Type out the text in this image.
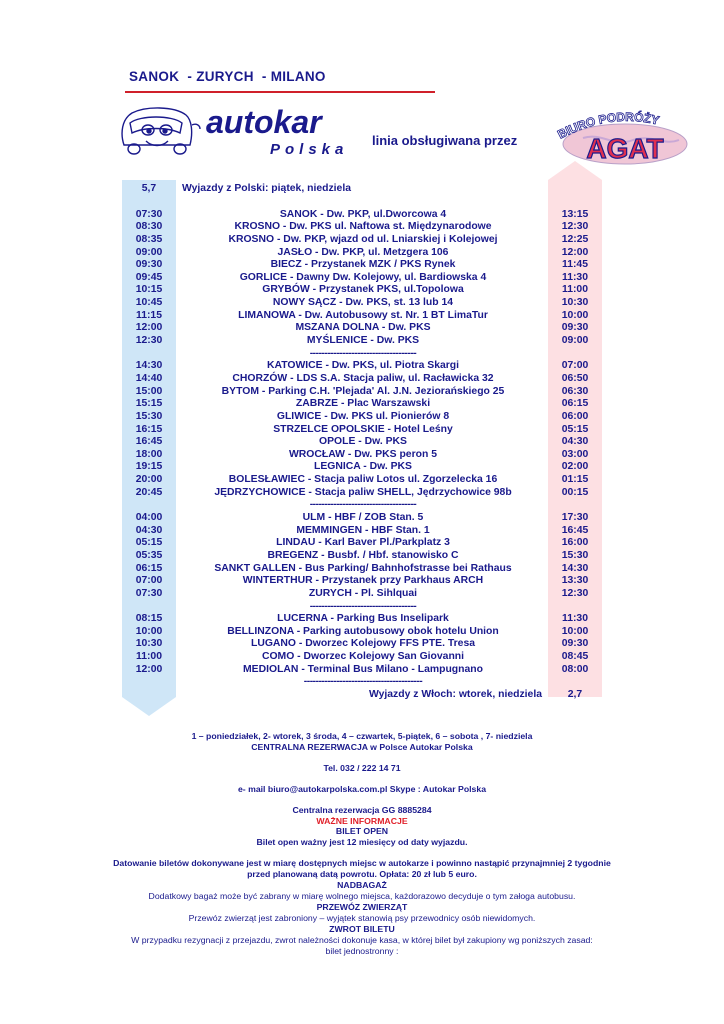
SANOK  - ZURYCH  - MILANO
autokar
Polska
linia obsługiwana przez	BIURO PODRÓŻY
AGAT
5,7	Wyjazdy z Polski: piątek, niedziela
07:30	SANOK - Dw. PKP, ul.Dworcowa 4	13:15
08:30	KROSNO - Dw. PKS ul. Naftowa st. Międzynarodowe	12:30
08:35	KROSNO - Dw. PKP, wjazd od ul. Lniarskiej i Kolejowej	12:25
09:00	JASŁO - Dw. PKP, ul. Metzgera 106	12:00
09:30	BIECZ - Przystanek MZK / PKS Rynek	11:45
09:45	GORLICE - Dawny Dw. Kolejowy, ul. Bardiowska 4	11:30
10:15	GRYBÓW - Przystanek PKS, ul.Topolowa	11:00
10:45	NOWY SĄCZ - Dw. PKS, st. 13 lub 14	10:30
11:15	LIMANOWA - Dw. Autobusowy st. Nr. 1 BT LimaTur	10:00
12:00	MSZANA DOLNA - Dw. PKS	09:30
12:30	MYŚLENICE - Dw. PKS	09:00
------------------------------------
14:30	KATOWICE - Dw. PKS, ul. Piotra Skargi	07:00
14:40	CHORZÓW - LDS S.A. Stacja paliw, ul. Racławicka 32	06:50
15:00	BYTOM - Parking C.H. 'Plejada' Al. J.N. Jeziorańskiego 25	06:30
15:15	ZABRZE - Plac Warszawski	06:15
15:30	GLIWICE - Dw. PKS ul. Pionierów 8	06:00
16:15	STRZELCE OPOLSKIE - Hotel Leśny	05:15
16:45	OPOLE - Dw. PKS	04:30
18:00	WROCŁAW - Dw. PKS peron 5	03:00
19:15	LEGNICA - Dw. PKS	02:00
20:00	BOLESŁAWIEC - Stacja paliw Lotos ul. Zgorzelecka 16	01:15
20:45	JĘDRZYCHOWICE - Stacja paliw SHELL, Jędrzychowice 98b	00:15
------------------------------------
04:00	ULM - HBF / ZOB Stan. 5	17:30
04:30	MEMMINGEN - HBF Stan. 1	16:45
05:15	LINDAU - Karl Baver Pl./Parkplatz 3	16:00
05:35	BREGENZ - Busbf. / Hbf. stanowisko C	15:30
06:15	SANKT GALLEN - Bus Parking/ Bahnhofstrasse bei Rathaus	14:30
07:00	WINTERTHUR - Przystanek przy Parkhaus ARCH	13:30
07:30	ZURYCH - Pl. Sihlquai	12:30
------------------------------------
08:15	LUCERNA - Parking Bus Inselipark	11:30
10:00	BELLINZONA - Parking autobusowy obok hotelu Union	10:00
10:30	LUGANO - Dworzec Kolejowy FFS PTE. Tresa	09:30
11:00	COMO - Dworzec Kolejowy San Giovanni	08:45
12:00	MEDIOLAN - Terminal Bus Milano - Lampugnano	08:00
----------------------------------------
Wyjazdy z Włoch: wtorek, niedziela	2,7
1 – poniedziałek, 2- wtorek, 3 środa, 4 – czwartek, 5-piątek, 6 – sobota , 7- niedziela
CENTRALNA REZERWACJA w Polsce Autokar Polska
Tel. 032 / 222 14 71
e- mail biuro@autokarpolska.com.pl Skype : Autokar Polska
Centralna rezerwacja GG 8885284
WAŻNE INFORMACJE
BILET OPEN
Bilet open ważny jest 12 miesięcy od daty wyjazdu.
Datowanie biletów dokonywane jest w miarę dostępnych miejsc w autokarze i powinno nastąpić przynajmniej 2 tygodnie
przed planowaną datą powrotu. Opłata: 20 zł lub 5 euro.
NADBAGAŻ
Dodatkowy bagaż może być zabrany w miarę wolnego miejsca, każdorazowo decyduje o tym załoga autobusu.
PRZEWÓZ ZWIERZĄT
Przewóz zwierząt jest zabroniony – wyjątek stanowią psy przewodnicy osób niewidomych.
ZWROT BILETU
W przypadku rezygnacji z przejazdu, zwrot należności dokonuje kasa, w której bilet był zakupiony wg poniższych zasad:
bilet jednostronny :
